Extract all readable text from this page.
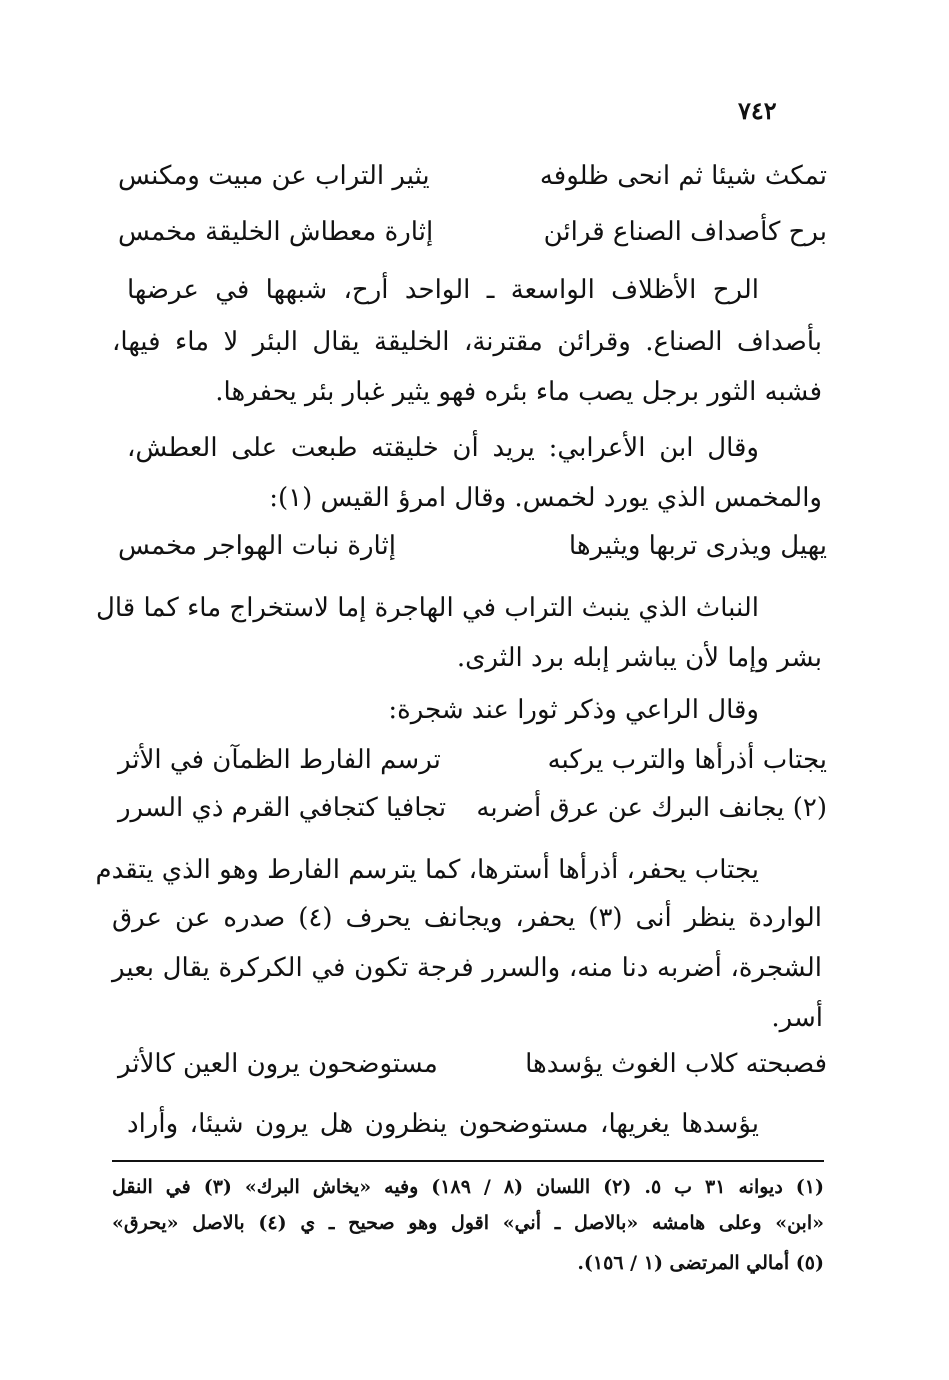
٧٤٢
تمكث شيئا ثم انحى ظلوفه
يثير التراب عن مبيت ومكنس
برح كأصداف الصناع قرائن
إثارة معطاش الخليقة مخمس
الرح الأظلاف الواسعة ـ الواحد أرح، شبهها في عرضها
بأصداف الصناع. وقرائن مقترنة، الخليقة يقال البئر لا ماء فيها،
فشبه الثور برجل يصب ماء بئره فهو يثير غبار بئر يحفرها.
وقال ابن الأعرابي: يريد أن خليقته طبعت على العطش،
والمخمس الذي يورد لخمس. وقال امرؤ القيس (١):
يهيل ويذرى تربها ويثيرها
إثارة نبات الهواجر مخمس
النباث الذي ينبث التراب في الهاجرة إما لاستخراج ماء كما قال
بشر وإما لأن يباشر إبله برد الثرى.
وقال الراعي وذكر ثورا عند شجرة:
يجتاب أذرأها والترب يركبه
ترسم الفارط الظمآن في الأثر
(٢) يجانف البرك عن عرق أضربه
تجافيا كتجافي القرم ذي السرر
يجتاب يحفر، أذرأها أسترها، كما يترسم الفارط وهو الذي يتقدم
الواردة ينظر أنى (٣) يحفر، ويجانف يحرف (٤) صدره عن عرق
الشجرة، أضربه دنا منه، والسرر فرجة تكون في الكركرة يقال بعير
أسر.
فصبحته كلاب الغوث يؤسدها
مستوضحون يرون العين كالأثر
يؤسدها يغريها، مستوضحون ينظرون هل يرون شيئا، وأراد
(١) ديوانه ٣١ ب ٥. (٢) اللسان (٨ / ١٨٩) وفيه «يخاش البرك» (٣) في النقل
«ابن» وعلى هامشه «بالاصل ـ أني» اقول وهو صحيح ـ ي (٤) بالاصل «يحرق»
(٥) أمالي المرتضى (١ / ١٥٦).
